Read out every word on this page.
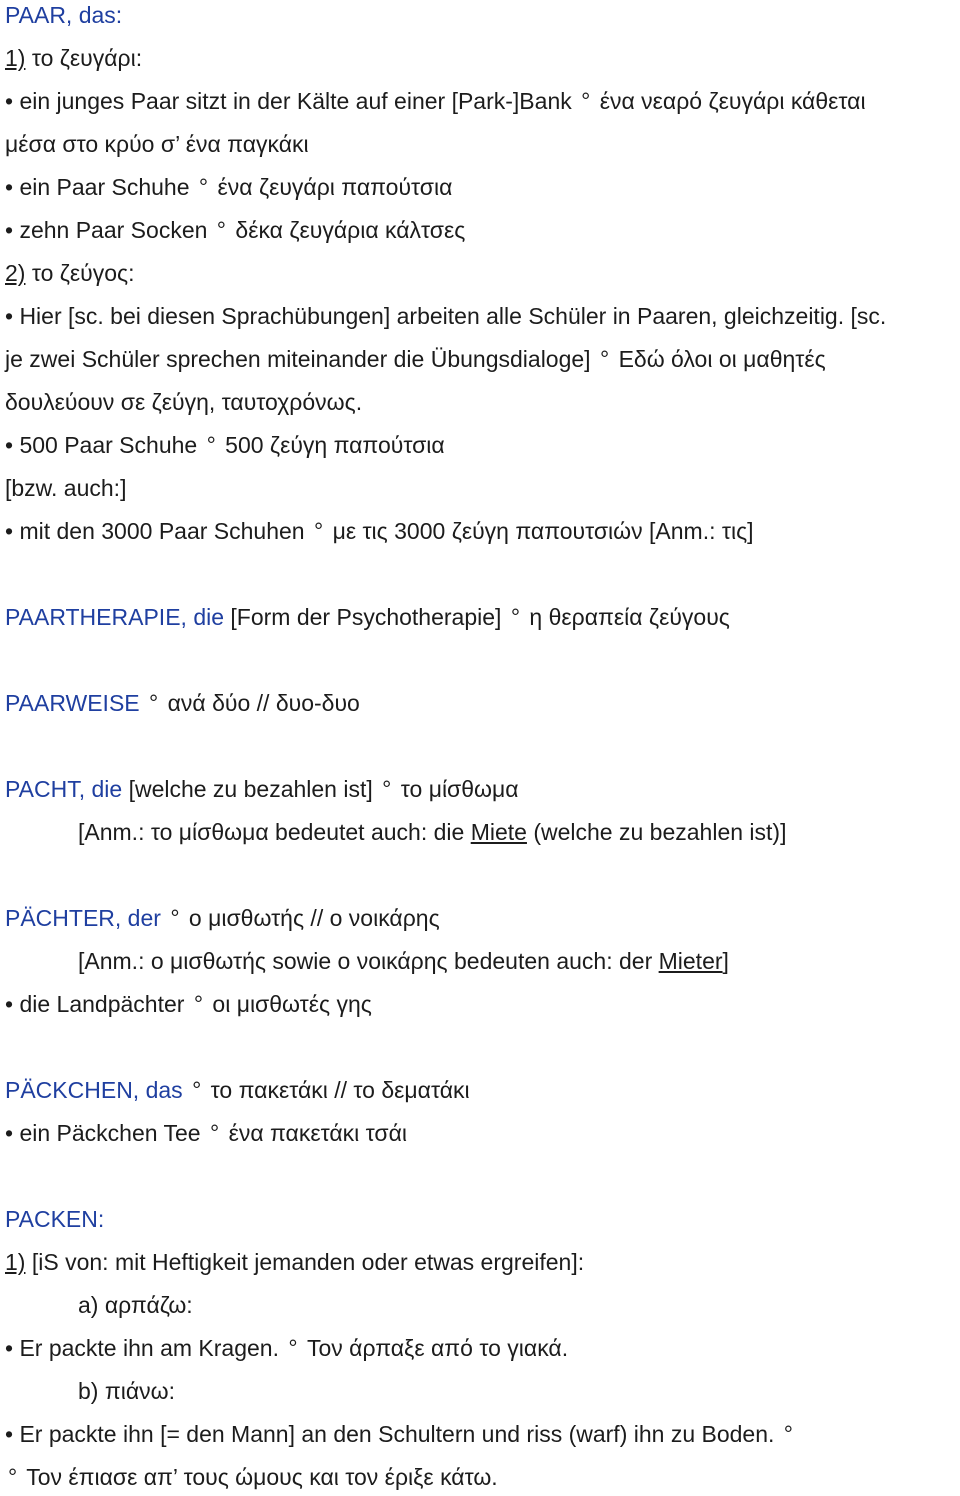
PAAR, das:
1) το ζευγάρι:
• ein junges Paar sitzt in der Kälte auf einer [Park-]Bank ° ένα νεαρό ζευγάρι κάθεται
μέσα στο κρύο σ’ ένα παγκάκι
• ein Paar Schuhe ° ένα ζευγάρι παπούτσια
• zehn Paar Socken ° δέκα ζευγάρια κάλτσες
2) το ζεύγος:
• Hier [sc. bei diesen Sprachübungen] arbeiten alle Schüler in Paaren, gleichzeitig. [sc.
je zwei Schüler sprechen miteinander die Übungsdialoge] ° Εδώ όλοι οι μαθητές
δουλεύουν σε ζεύγη, ταυτοχρόνως.
• 500 Paar Schuhe ° 500 ζεύγη παπούτσια
[bzw. auch:]
• mit den 3000 Paar Schuhen ° με τις 3000 ζεύγη παπουτσιών [Anm.: τις]
PAARTHERAPIE, die [Form der Psychotherapie] ° η θεραπεία ζεύγους
PAARWEISE ° ανά δύο // δυο-δυο
PACHT, die [welche zu bezahlen ist] ° το μίσθωμα
[Anm.: το μίσθωμα bedeutet auch: die Miete (welche zu bezahlen ist)]
PÄCHTER, der ° ο μισθωτής // ο νοικάρης
[Anm.: ο μισθωτής sowie ο νοικάρης bedeuten auch: der Mieter]
• die Landpächter ° οι μισθωτές γης
PÄCKCHEN, das ° το πακετάκι // το δεματάκι
• ein Päckchen Tee ° ένα πακετάκι τσάι
PACKEN:
1) [iS von: mit Heftigkeit jemanden oder etwas ergreifen]:
a) αρπάζω:
• Er packte ihn am Kragen. ° Τον άρπαξε από το γιακά.
b) πιάνω:
• Er packte ihn [= den Mann] an den Schultern und riss (warf) ihn zu Boden. °
° Τον έπιασε απ’ τους ώμους και τον έριξε κάτω.
